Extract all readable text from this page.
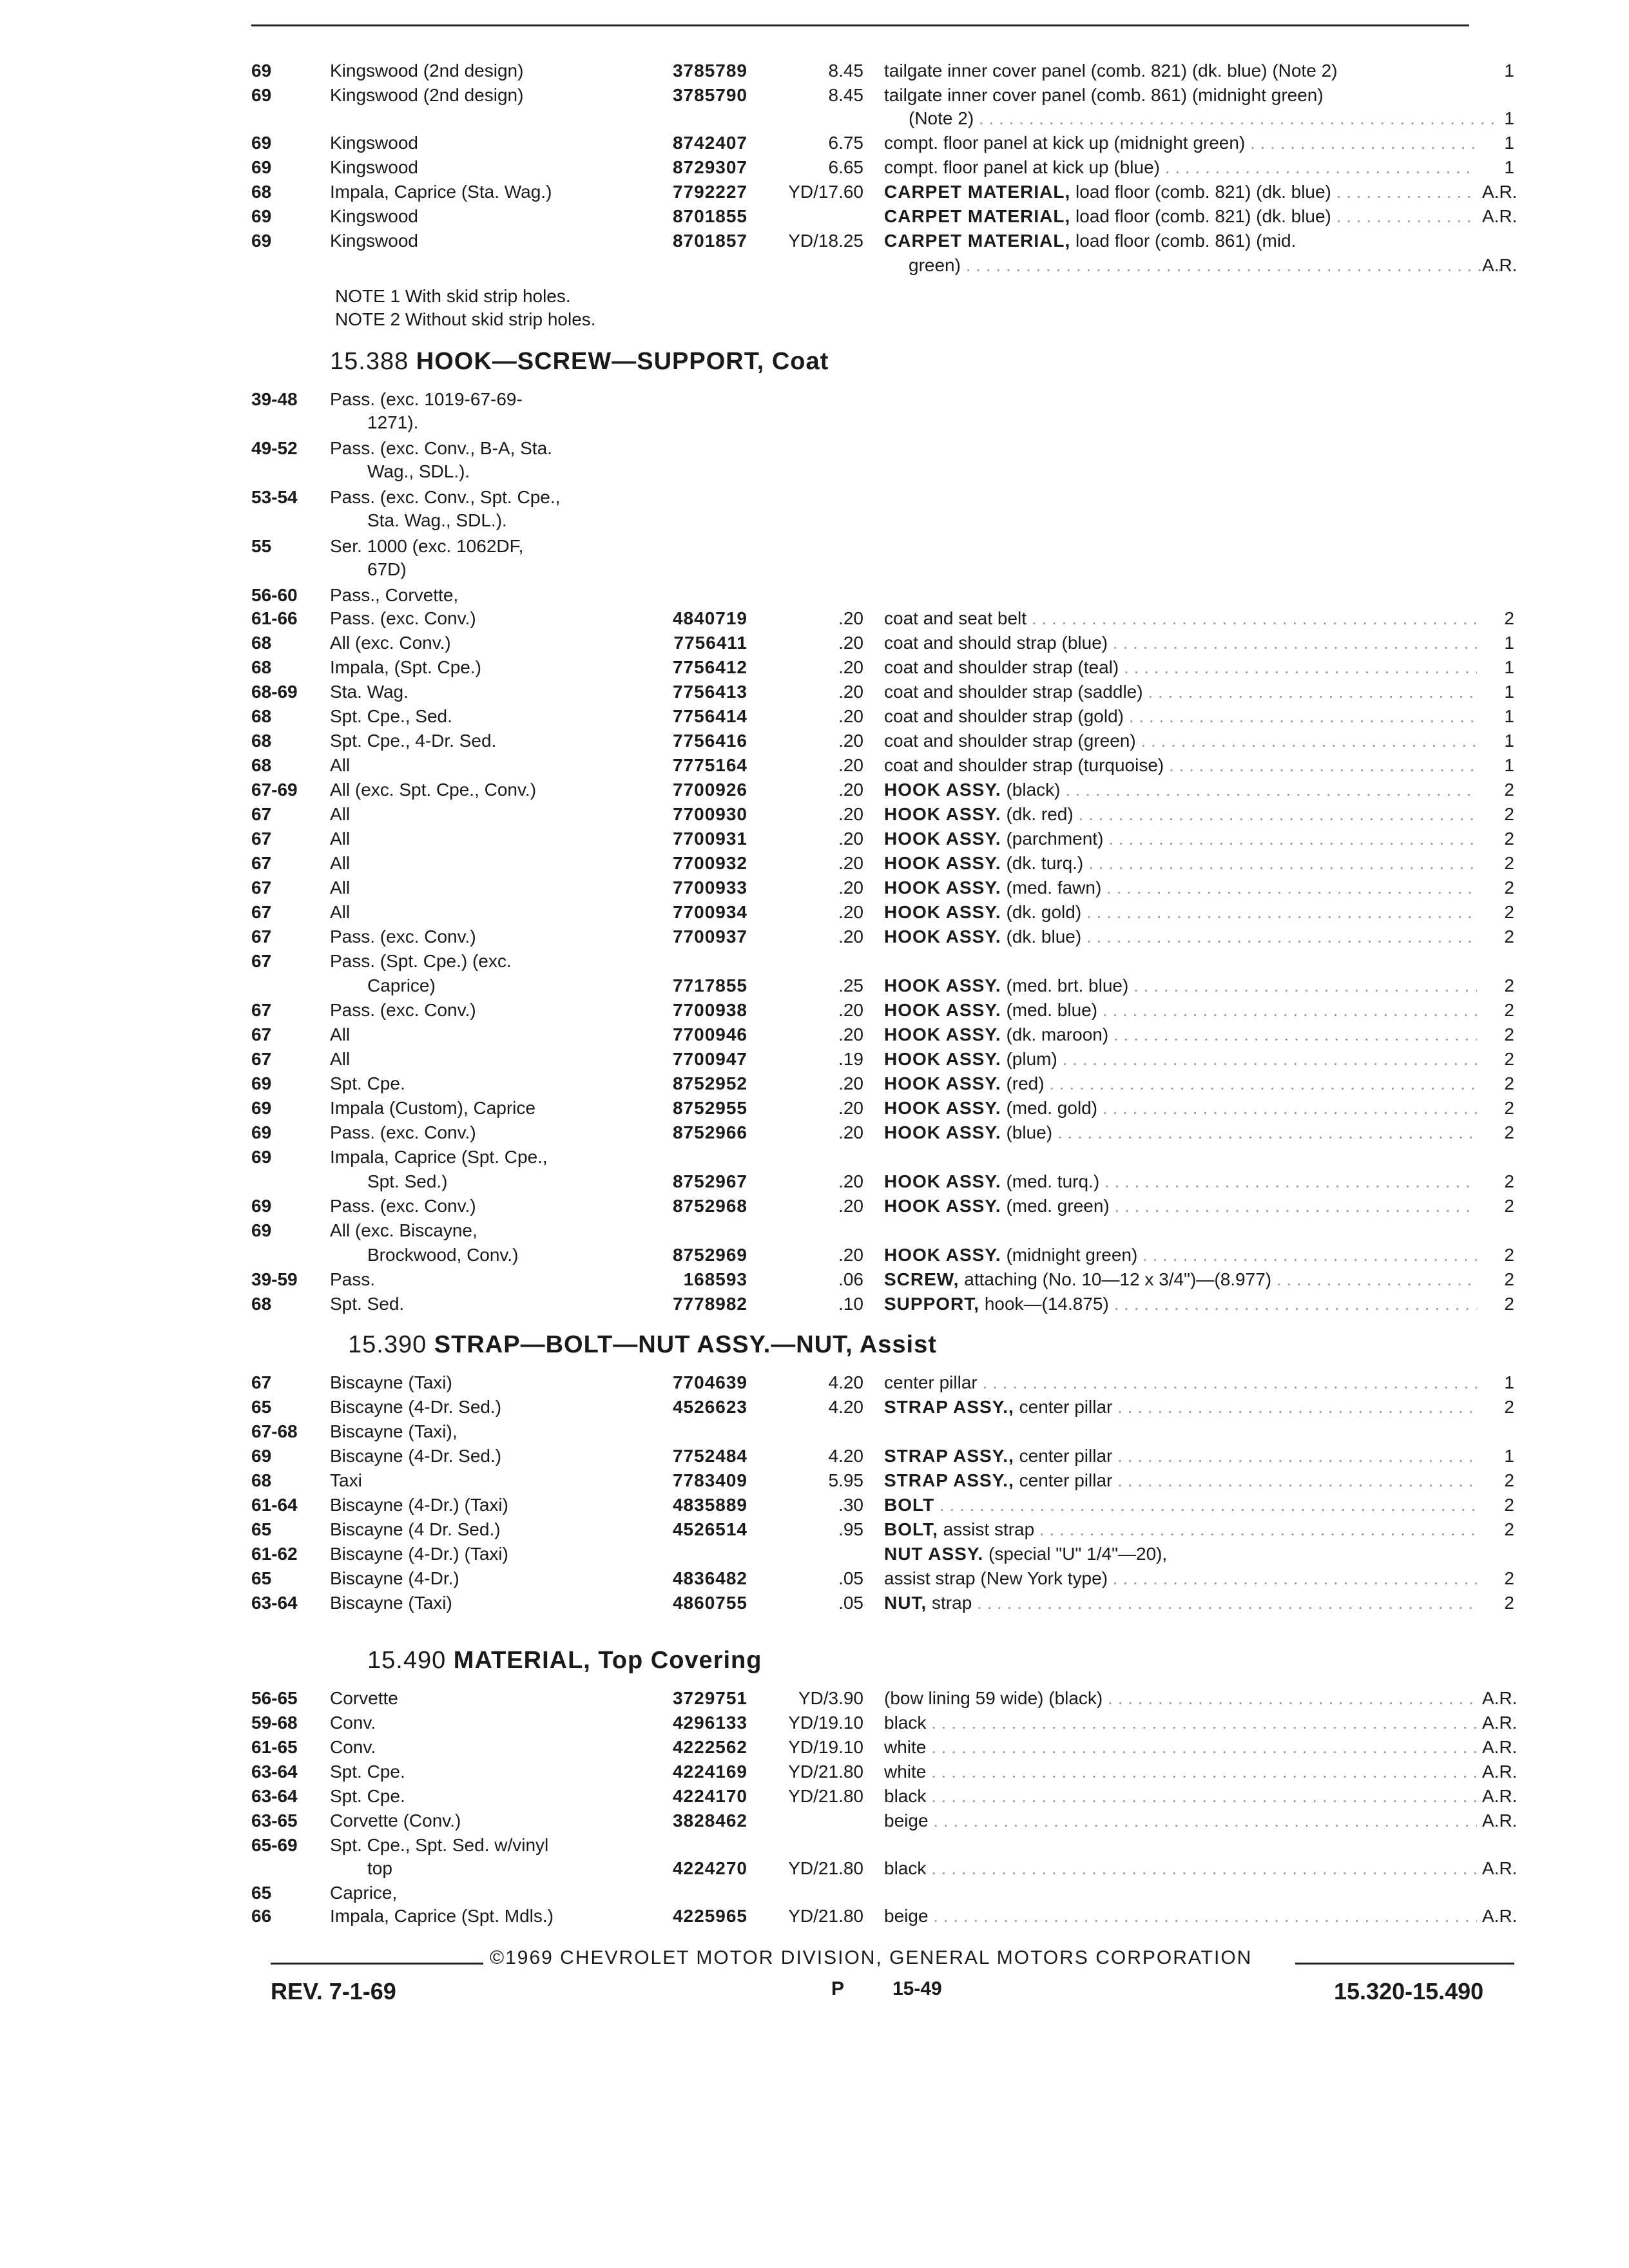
69	Kingswood (2nd design)	3785789	8.45 tailgate inner cover panel (comb. 821) (dk. blue) (Note 2)	1
69	Kingswood (2nd design)	3785790	8.45 tailgate inner cover panel (comb. 861) (midnight green)
(Note 2) . . .	1
69	Kingswood	8742407	6.75 compt. floor panel at kick up (midnight green) . . .	1
69	Kingswood	8729307	6.65 compt. floor panel at kick up (blue) . . .	1
68	Impala, Caprice (Sta. Wag.)	7792227	YD/17.60 CARPET MATERIAL, load floor (comb. 821) (dk. blue) . . .	A.R.
69	Kingswood	8701855	CARPET MATERIAL, load floor (comb. 821) (dk. blue) . . .	A.R.
69	Kingswood	8701857	YD/18.25 CARPET MATERIAL, load floor (comb. 861) (mid.
green) . . .	A.R.
NOTE 1 With skid strip holes.
NOTE 2 Without skid strip holes.
15.388 HOOK—SCREW—SUPPORT, Coat
39-48 Pass. (exc. 1019-67-69-
1271).
49-52 Pass. (exc. Conv., B-A, Sta.
Wag., SDL.).
53-54 Pass. (exc. Conv., Spt. Cpe.,
Sta. Wag., SDL.).
55	Ser. 1000 (exc. 1062DF,
67D)
56-60 Pass., Corvette,
61-66 Pass. (exc. Conv.)	4840719	.20 coat and seat belt . . .	2
68	All (exc. Conv.)	7756411	.20 coat and should strap (blue) . . .	1
68	Impala, (Spt. Cpe.)	7756412	.20 coat and shoulder strap (teal) . . .	1
68-69 Sta. Wag.	7756413	.20 coat and shoulder strap (saddle) . . .	1
68	Spt. Cpe., Sed.	7756414	.20 coat and shoulder strap (gold) . . .	1
68	Spt. Cpe., 4-Dr. Sed.	7756416	.20 coat and shoulder strap (green) . . .	1
68	All	7775164	.20 coat and shoulder strap (turquoise) . . .	1
67-69 All (exc. Spt. Cpe., Conv.)	7700926	.20 HOOK ASSY. (black) . . .	2
67	All	7700930	.20 HOOK ASSY. (dk. red) . . .	2
67	All	7700931	.20 HOOK ASSY. (parchment) . . .	2
67	All	7700932	.20 HOOK ASSY. (dk. turq.) . . .	2
67	All	7700933	.20 HOOK ASSY. (med. fawn) . . .	2
67	All	7700934	.20 HOOK ASSY. (dk. gold) . . .	2
67	Pass. (exc. Conv.)	7700937	.20 HOOK ASSY. (dk. blue) . . .	2
67	Pass. (Spt. Cpe.) (exc.
Caprice)	7717855	.25 HOOK ASSY. (med. brt. blue) . . .	2
67	Pass. (exc. Conv.)	7700938	.20 HOOK ASSY. (med. blue) . . .	2
67	All	7700946	.20 HOOK ASSY. (dk. maroon) . . .	2
67	All	7700947	.19 HOOK ASSY. (plum) . . .	2
69	Spt. Cpe.	8752952	.20 HOOK ASSY. (red) . . .	2
69	Impala (Custom), Caprice	8752955	.20 HOOK ASSY. (med. gold) . . .	2
69	Pass. (exc. Conv.)	8752966	.20 HOOK ASSY. (blue) . . .	2
69	Impala, Caprice (Spt. Cpe.,
Spt. Sed.)	8752967	.20 HOOK ASSY. (med. turq.) . . .	2
69	Pass. (exc. Conv.)	8752968	.20 HOOK ASSY. (med. green) . . .	2
69	All (exc. Biscayne,
Brockwood, Conv.)	8752969	.20 HOOK ASSY. (midnight green) . . .	2
39-59 Pass.	168593	.06 SCREW, attaching (No. 10—12 x 3/4")—(8.977) . . .	2
68	Spt. Sed.	7778982	.10 SUPPORT, hook—(14.875) . . .	2
15.390 STRAP—BOLT—NUT ASSY.—NUT, Assist
67	Biscayne (Taxi)	7704639	4.20 center pillar . . .	1
65	Biscayne (4-Dr. Sed.)	4526623	4.20 STRAP ASSY., center pillar . . .	2
67-68 Biscayne (Taxi),
69	Biscayne (4-Dr. Sed.)	7752484	4.20 STRAP ASSY., center pillar . . .	1
68	Taxi	7783409	5.95 STRAP ASSY., center pillar . . .	2
61-64 Biscayne (4-Dr.) (Taxi)	4835889	.30 BOLT . . .	2
65	Biscayne (4 Dr. Sed.)	4526514	.95 BOLT, assist strap . . .	2
61-62 Biscayne (4-Dr.) (Taxi)	NUT ASSY. (special "U" 1/4"—20),
65	Biscayne (4-Dr.)	4836482	.05 assist strap (New York type) . . .	2
63-64 Biscayne (Taxi)	4860755	.05 NUT, strap . . .	2
15.490 MATERIAL, Top Covering
56-65 Corvette	3729751	YD/3.90 (bow lining 59 wide) (black) . . .	A.R.
59-68 Conv.	4296133	YD/19.10 black . . .	A.R.
61-65 Conv.	4222562	YD/19.10 white . . .	A.R.
63-64 Spt. Cpe.	4224169	YD/21.80 white . . .	A.R.
63-64 Spt. Cpe.	4224170	YD/21.80 black . . .	A.R.
63-65 Corvette (Conv.)	3828462	beige . . .	A.R.
65-69 Spt. Cpe., Spt. Sed. w/vinyl
top	4224270	YD/21.80 black . . .	A.R.
65	Caprice,
66	Impala, Caprice (Spt. Mdls.)	4225965	YD/21.80 beige . . .	A.R.
©1969 CHEVROLET MOTOR DIVISION, GENERAL MOTORS CORPORATION
REV. 7-1-69	P 15-49	15.320-15.490
